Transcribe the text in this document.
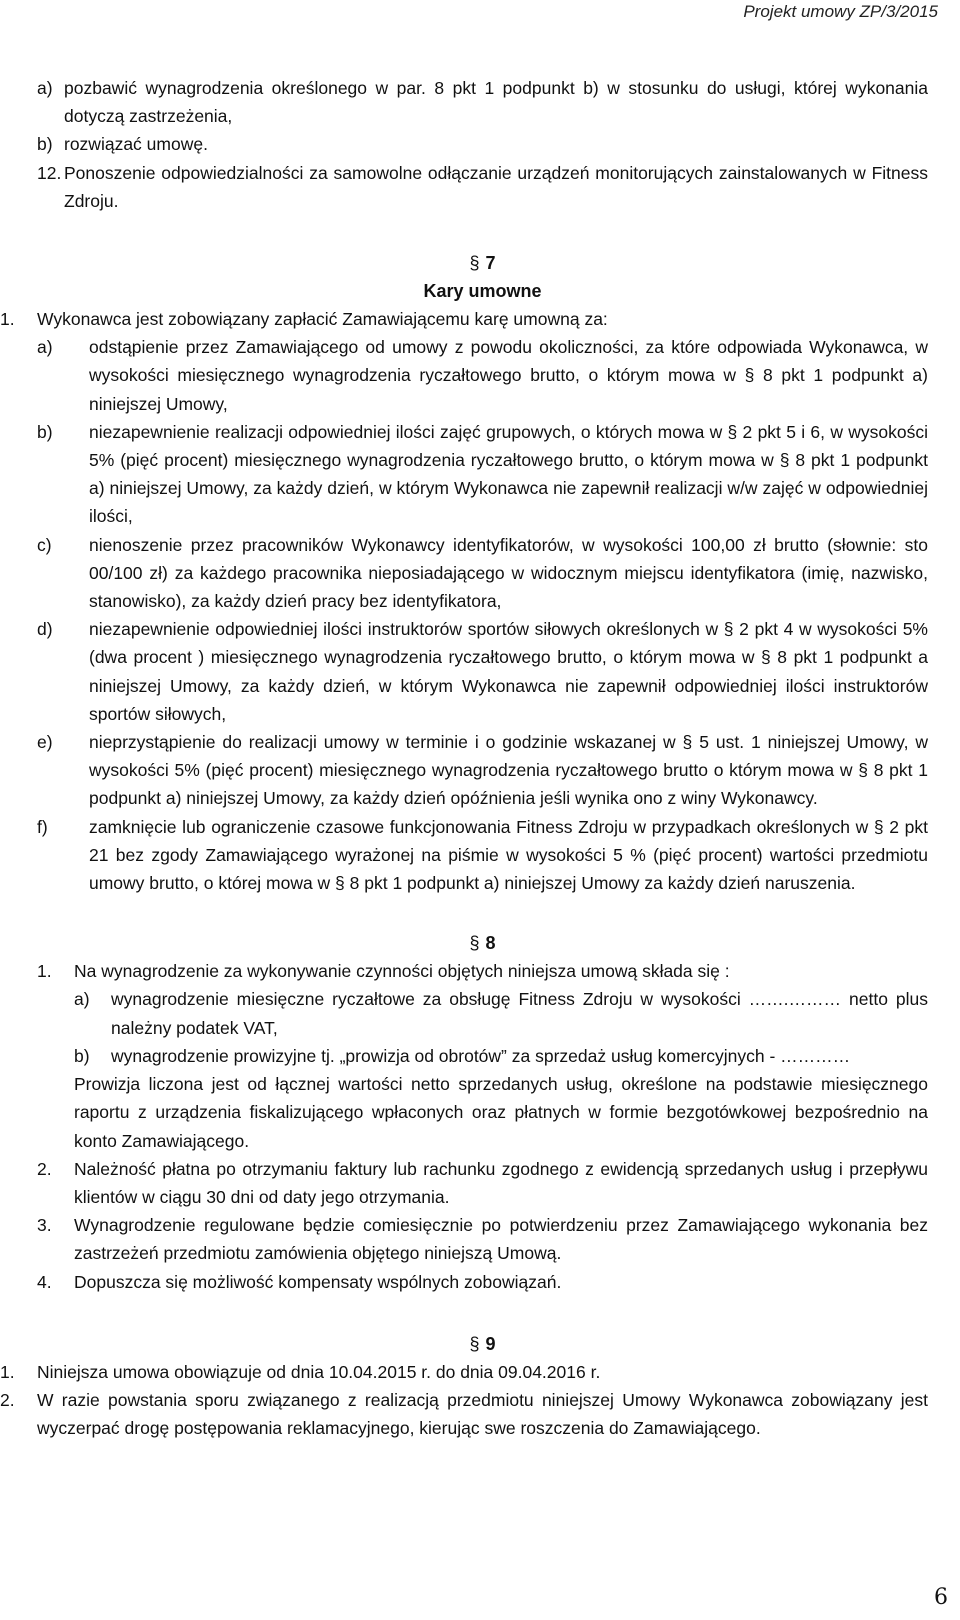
Projekt umowy ZP/3/2015
a) pozbawić wynagrodzenia określonego w par. 8 pkt 1 podpunkt b) w stosunku do usługi, której wykonania dotyczą zastrzeżenia,
b) rozwiązać umowę.
12. Ponoszenie odpowiedzialności za samowolne odłączanie urządzeń monitorujących zainstalowanych w Fitness Zdroju.
§ 7
Kary umowne
1.	Wykonawca jest zobowiązany zapłacić Zamawiającemu karę umowną za:
a)	odstąpienie przez Zamawiającego od umowy z powodu okoliczności, za które odpowiada Wykonawca, w wysokości miesięcznego wynagrodzenia ryczałtowego brutto, o którym mowa w § 8 pkt 1 podpunkt a) niniejszej Umowy,
b)	niezapewnienie realizacji odpowiedniej ilości zajęć grupowych, o których mowa w § 2 pkt 5 i 6, w wysokości 5% (pięć procent) miesięcznego wynagrodzenia ryczałtowego brutto, o którym mowa w § 8 pkt 1 podpunkt a) niniejszej Umowy, za każdy dzień, w którym Wykonawca nie zapewnił realizacji w/w zajęć w odpowiedniej ilości,
c)	nienoszenie przez pracowników Wykonawcy identyfikatorów, w wysokości 100,00 zł brutto (słownie: sto 00/100 zł) za każdego pracownika nieposiadającego w widocznym miejscu identyfikatora (imię, nazwisko, stanowisko), za każdy dzień pracy bez identyfikatora,
d)	niezapewnienie odpowiedniej ilości instruktorów sportów siłowych określonych w § 2 pkt 4 w wysokości 5% (dwa procent ) miesięcznego wynagrodzenia ryczałtowego brutto, o którym mowa w § 8 pkt 1 podpunkt a niniejszej Umowy, za każdy dzień, w którym Wykonawca nie zapewnił odpowiedniej ilości instruktorów sportów siłowych,
e)	nieprzystąpienie do realizacji umowy w terminie i o godzinie wskazanej w § 5 ust. 1 niniejszej Umowy, w wysokości 5% (pięć procent) miesięcznego wynagrodzenia ryczałtowego brutto o którym mowa w § 8 pkt 1 podpunkt a) niniejszej Umowy, za każdy dzień opóźnienia jeśli wynika ono z winy Wykonawcy.
f)	zamknięcie lub ograniczenie czasowe funkcjonowania Fitness Zdroju w przypadkach określonych w § 2 pkt 21 bez zgody Zamawiającego wyrażonej na piśmie w wysokości 5 % (pięć procent) wartości przedmiotu umowy brutto, o której mowa w § 8 pkt 1 podpunkt a) niniejszej Umowy za każdy dzień naruszenia.
§ 8
1.	Na wynagrodzenie za wykonywanie czynności objętych niniejsza umową składa się :
a)	wynagrodzenie miesięczne ryczałtowe za obsługę Fitness Zdroju w wysokości …….……… netto plus należny podatek VAT,
b)	wynagrodzenie prowizyjne tj. „prowizja od obrotów” za sprzedaż usług komercyjnych - …………
Prowizja liczona jest od łącznej wartości netto sprzedanych usług, określone na podstawie miesięcznego raportu z urządzenia fiskalizującego wpłaconych oraz płatnych w formie bezgotówkowej bezpośrednio na konto Zamawiającego.
2.	Należność płatna po otrzymaniu faktury lub rachunku zgodnego z ewidencją sprzedanych usług i przepływu klientów w ciągu 30 dni od daty jego otrzymania.
3.	Wynagrodzenie regulowane będzie comiesięcznie po potwierdzeniu przez Zamawiającego wykonania bez zastrzeżeń przedmiotu zamówienia objętego niniejszą Umową.
4.	Dopuszcza się możliwość kompensaty wspólnych zobowiązań.
§ 9
1.	Niniejsza umowa obowiązuje od dnia 10.04.2015 r. do dnia 09.04.2016 r.
2.	W razie powstania sporu związanego z realizacją przedmiotu niniejszej Umowy Wykonawca zobowiązany jest wyczerpać drogę postępowania reklamacyjnego, kierując swe roszczenia do Zamawiającego.
6
